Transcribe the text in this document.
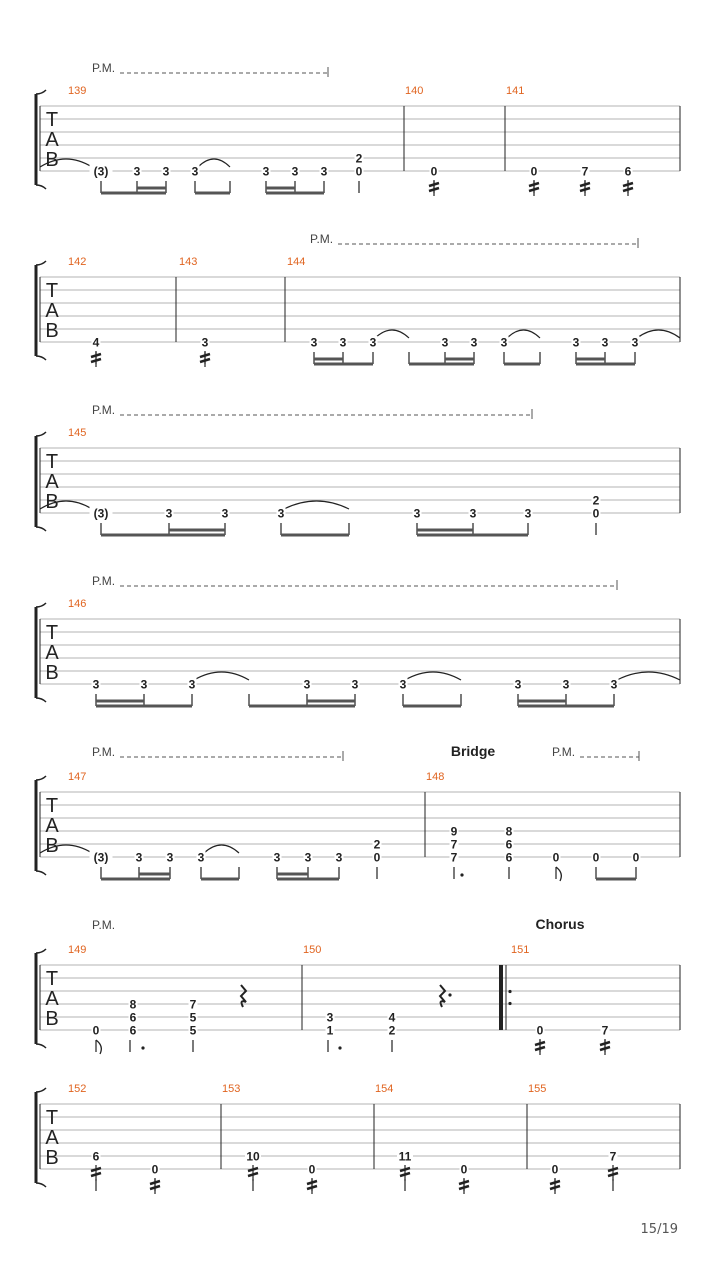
T
A
B
139	140	141
P.M.
(3) 3 3 3	3 3 3
2
0	0	0	7	6
T
A
B
142	143	144
P.M.
4	3	3 3 3	3 3 3	3 3 3
T
A
B
145
P.M.
(3)	3	3	3	3	3	3
2
0
T
A
B
146
P.M.
3	3	3	3	3	3	3	3	3
T
A
B
147	148
P.M.	Bridge	P.M.
(3) 3 3 3	3 3 3
2
0
9
7
7
8
6
6	0	0	0
T
A
B
149	150	151
P.M.	Chorus
0
8
6
6
7
5
5
3
1
4
2	0	7
T
A
B
152	153	154	155
6
0
10
0
11
0	0
7
15/19
